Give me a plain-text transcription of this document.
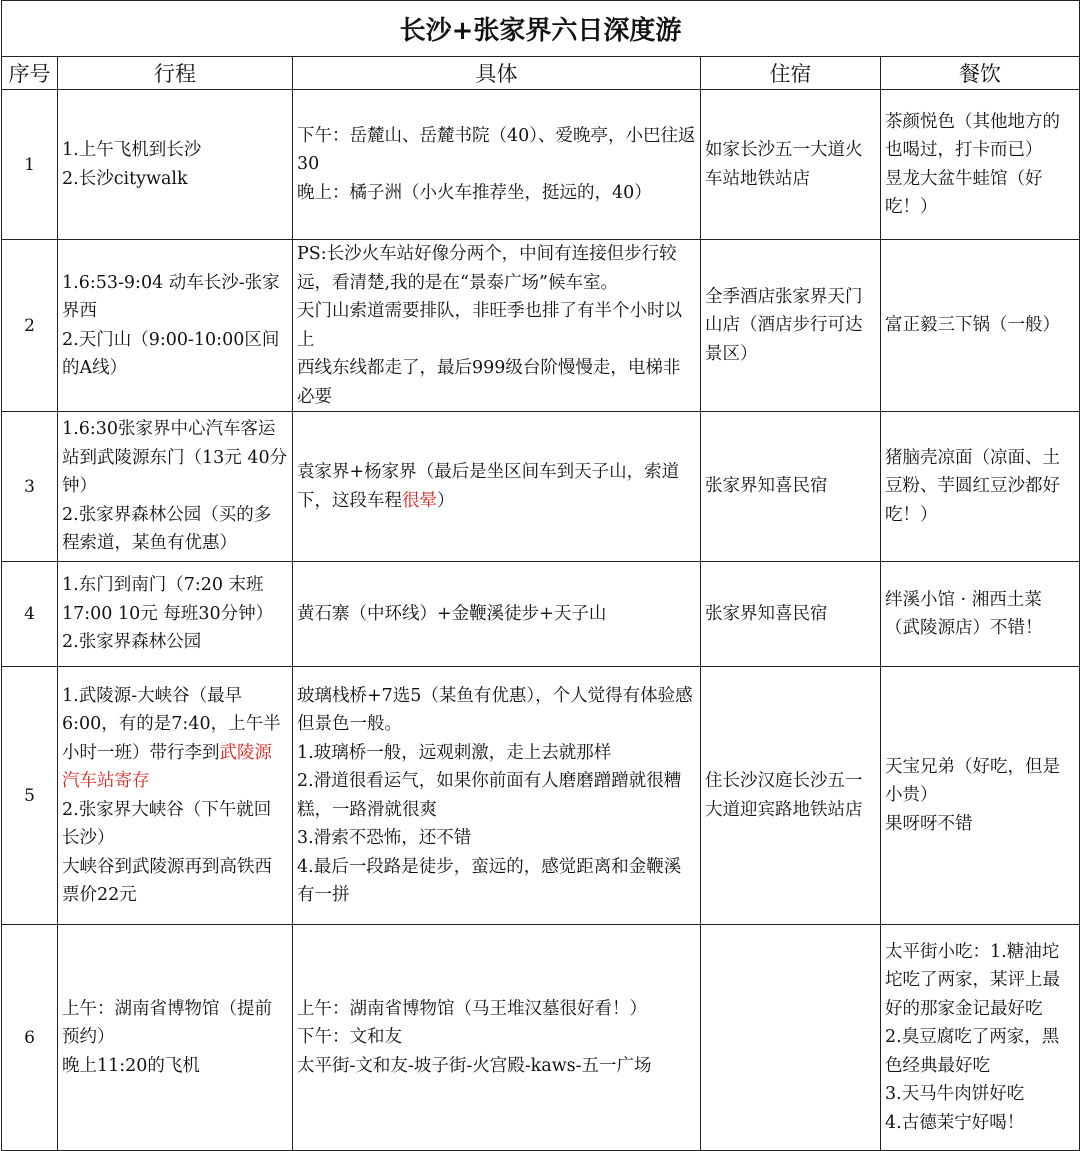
长沙+张家界六日深度游				
序号	行程	具体	住宿	餐饮
1	1.上午飞机到长沙
2.长沙citywalk	下午：岳麓山、岳麓书院（40）、爱晚亭，小巴往返30
晚上：橘子洲（小火车推荐坐，挺远的，40）	如家长沙五一大道火车站地铁站店	茶颜悦色（其他地方的也喝过，打卡而已）
昱龙大盆牛蛙馆（好吃！）

2	1.6:53-9:04 动车长沙-张家界西
2.天门山（9:00-10:00区间的A线）	PS:长沙火车站好像分两个，中间有连接但步行较远，看清楚,我的是在“景泰广场”候车室。
天门山索道需要排队，非旺季也排了有半个小时以上
西线东线都走了，最后999级台阶慢慢走，电梯非必要	全季酒店张家界天门山店（酒店步行可达景区）	富正毅三下锅（一般）

3	1.6:30张家界中心汽车客运站到武陵源东门（13元 40分钟）
2.张家界森林公园（买的多程索道，某鱼有优惠）	袁家界+杨家界（最后是坐区间车到天子山，索道下，这段车程很晕）	张家界知喜民宿	猪脑壳凉面（凉面、土豆粉、芋圆红豆沙都好吃！）

4	1.东门到南门（7:20 末班 17:00 10元 每班30分钟）
2.张家界森林公园	黄石寨（中环线）+金鞭溪徒步+天子山	张家界知喜民宿	绊溪小馆 · 湘西土菜（武陵源店）不错！

5	1.武陵源-大峡谷（最早6:00，有的是7:40，上午半小时一班）带行李到武陵源汽车站寄存
2.张家界大峡谷（下午就回长沙）
大峡谷到武陵源再到高铁西票价22元	玻璃栈桥+7选5（某鱼有优惠），个人觉得有体验感但景色一般。
1.玻璃桥一般，远观刺激，走上去就那样
2.滑道很看运气，如果你前面有人磨磨蹭蹭就很糟糕，一路滑就很爽
3.滑索不恐怖，还不错
4.最后一段路是徒步，蛮远的，感觉距离和金鞭溪有一拼	住长沙汉庭长沙五一大道迎宾路地铁站店	天宝兄弟（好吃，但是小贵）
果呀呀不错

6	上午：湖南省博物馆（提前预约）
晚上11:20的飞机	上午：湖南省博物馆（马王堆汉墓很好看！）
下午：文和友
太平街-文和友-坡子街-火宫殿-kaws-五一广场		太平街小吃：1.糖油坨坨吃了两家，某评上最好的那家金记最好吃
2.臭豆腐吃了两家，黑色经典最好吃
3.天马牛肉饼好吃
4.古德茉宁好喝！
